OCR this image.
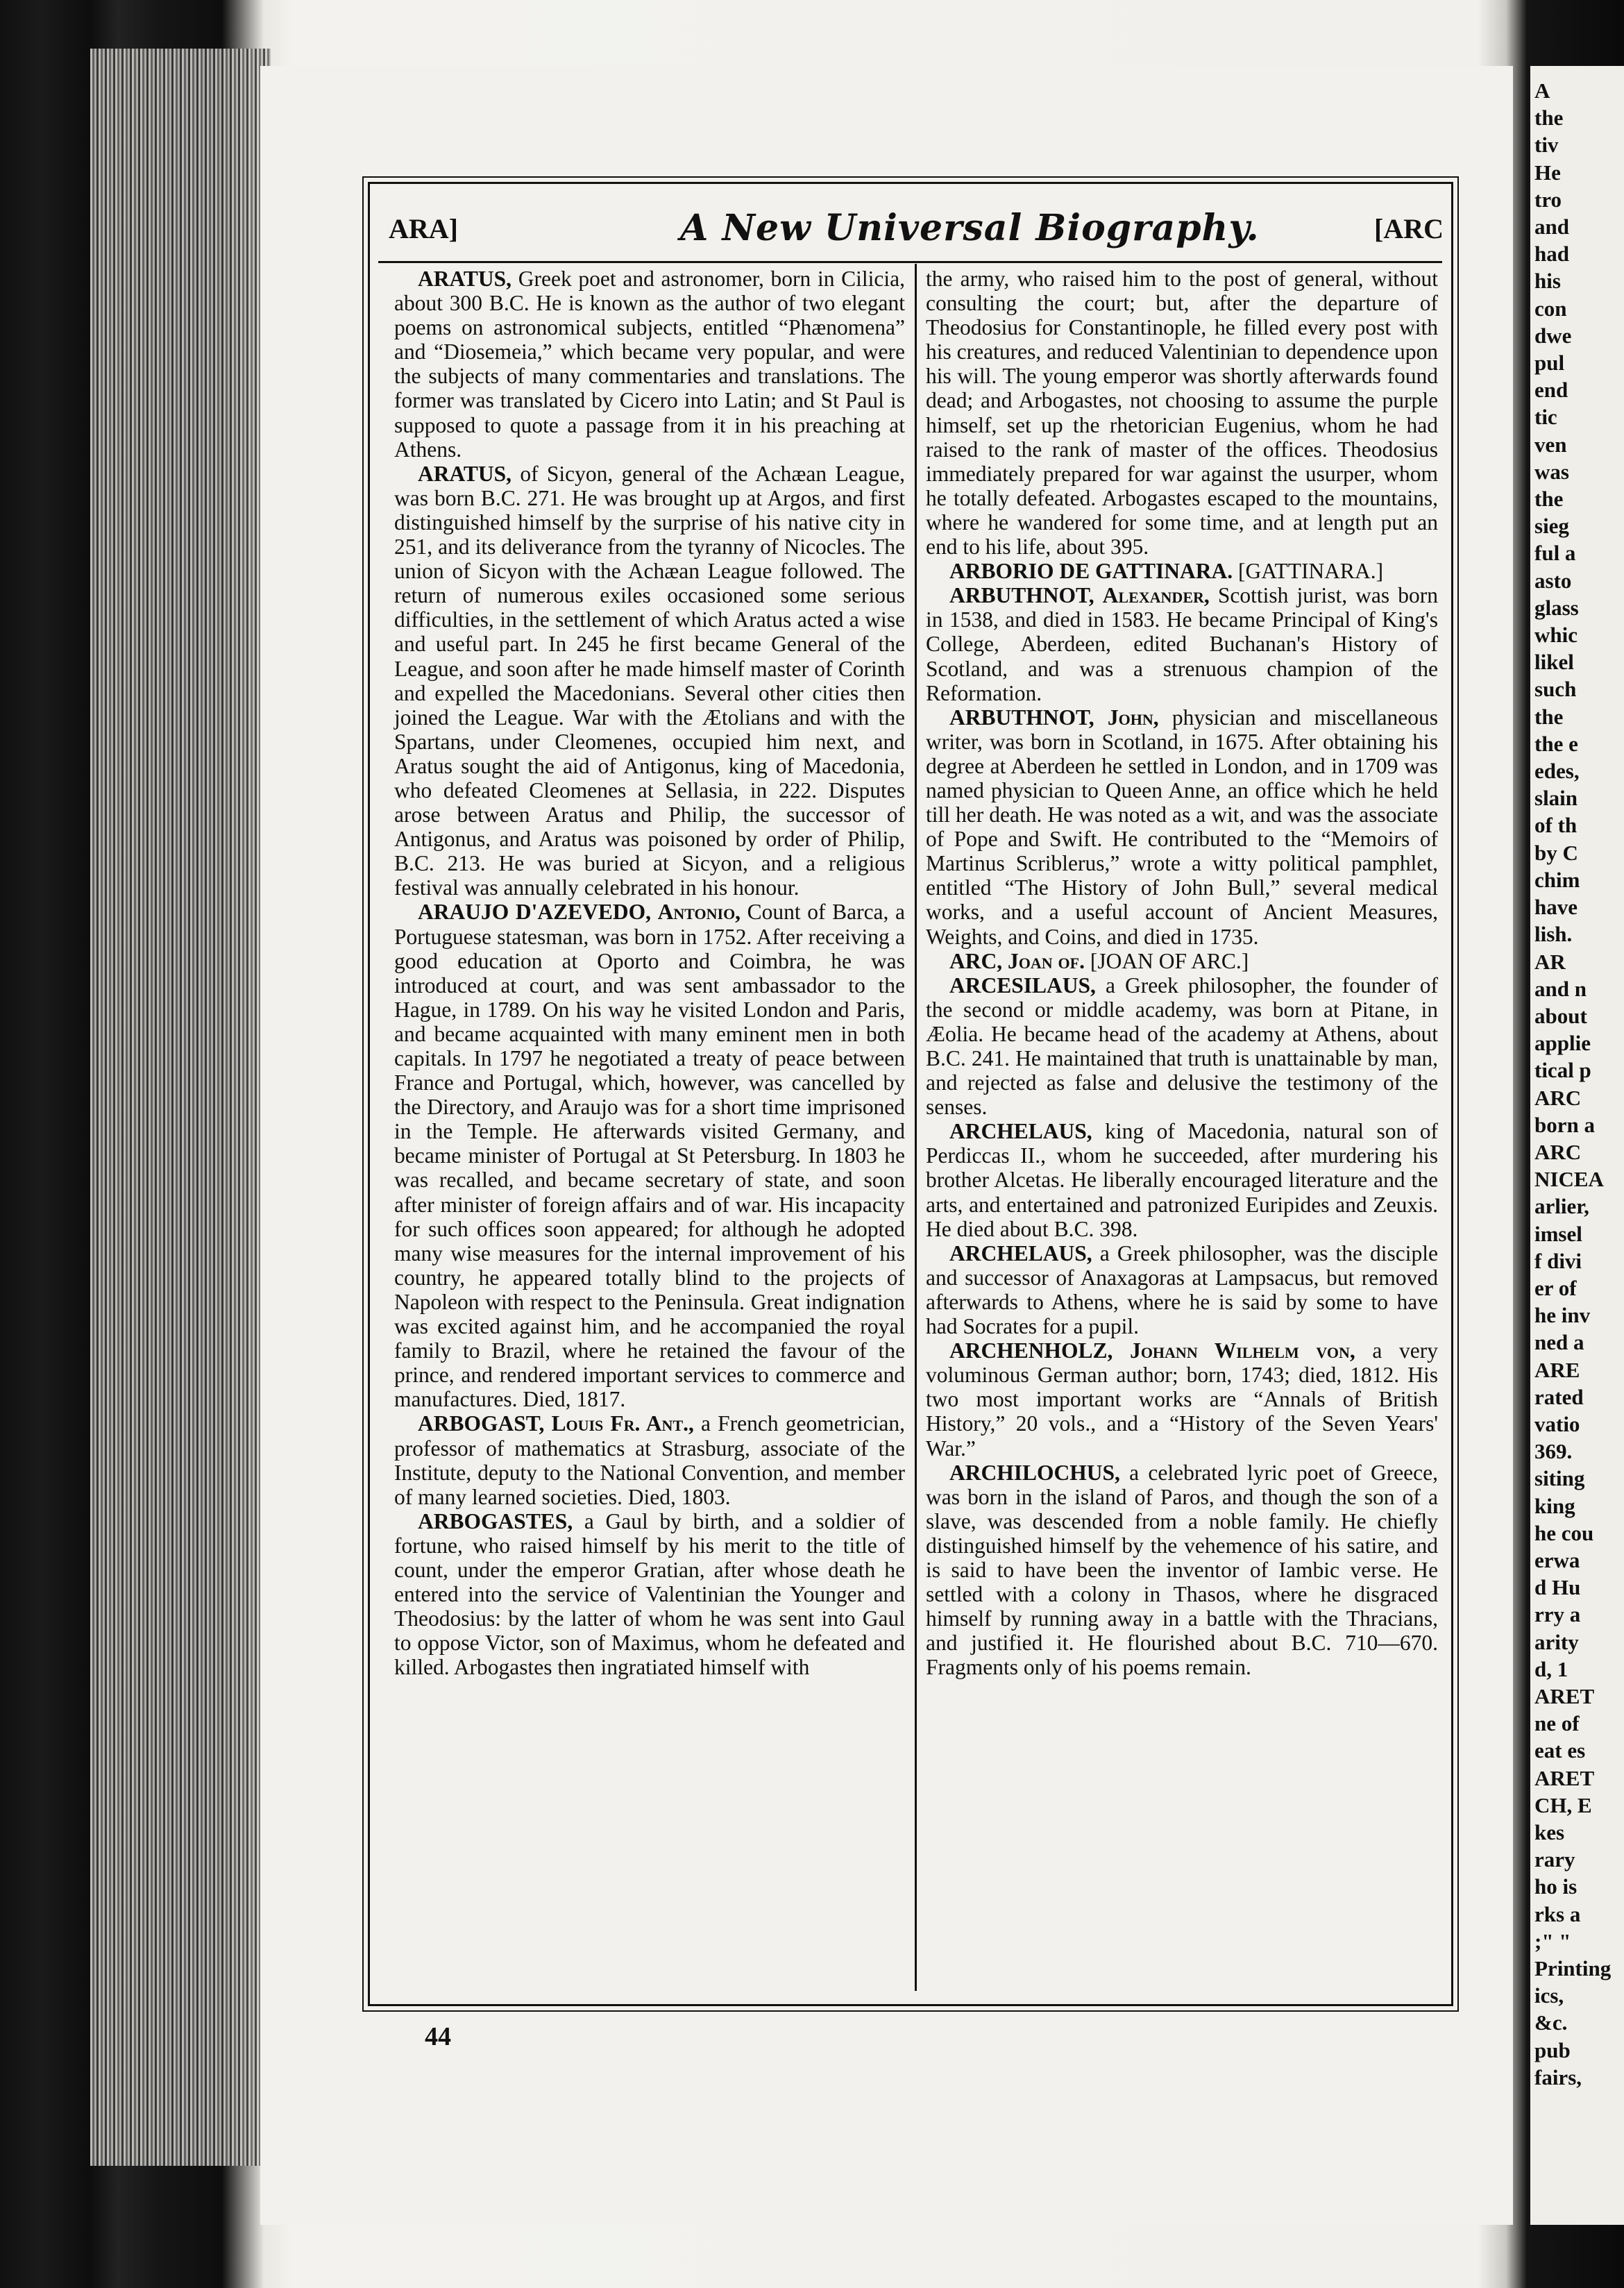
A
the
tiv
He
tro
and
had
his
con
dwe
pul
end
tic
ven
was
the
sieg
ful a
asto
glass
whic
likel
such
the
the e
edes,
slain
of th
by C
chim
have
lish.
AR
and n
about
applie
tical p
ARC
born a
ARC
NICEA
arlier,
imsel
f divi
er of
he inv
ned a
ARE
rated
vatio
369.
siting
king
he cou
erwa
d Hu
rry a
arity
d, 1
ARET
ne of
eat es
ARET
CH, E
kes
rary
ho is
rks a
;" "
Printing
ics,
&c.
pub
fairs,
ARA]	A New Universal Biography.	[ARC

ARATUS, Greek poet and astronomer, born in Cilicia, about 300 B.C. He is known as the author of two elegant poems on astronomical subjects, entitled “Phænomena” and “Diosemeia,” which became very popular, and were the subjects of many commentaries and translations. The former was translated by Cicero into Latin; and St Paul is supposed to quote a passage from it in his preaching at Athens.

ARATUS, of Sicyon, general of the Achæan League, was born B.C. 271. He was brought up at Argos, and first distinguished himself by the surprise of his native city in 251, and its deliverance from the tyranny of Nicocles. The union of Sicyon with the Achæan League followed. The return of numerous exiles occasioned some serious difficulties, in the settlement of which Aratus acted a wise and useful part. In 245 he first became General of the League, and soon after he made himself master of Corinth and expelled the Macedonians. Several other cities then joined the League. War with the Ætolians and with the Spartans, under Cleomenes, occupied him next, and Aratus sought the aid of Antigonus, king of Macedonia, who defeated Cleomenes at Sellasia, in 222. Disputes arose between Aratus and Philip, the successor of Antigonus, and Aratus was poisoned by order of Philip, B.C. 213. He was buried at Sicyon, and a religious festival was annually celebrated in his honour.

ARAUJO D'AZEVEDO, Antonio, Count of Barca, a Portuguese statesman, was born in 1752. After receiving a good education at Oporto and Coimbra, he was introduced at court, and was sent ambassador to the Hague, in 1789. On his way he visited London and Paris, and became acquainted with many eminent men in both capitals. In 1797 he negotiated a treaty of peace between France and Portugal, which, however, was cancelled by the Directory, and Araujo was for a short time imprisoned in the Temple. He afterwards visited Germany, and became minister of Portugal at St Petersburg. In 1803 he was recalled, and became secretary of state, and soon after minister of foreign affairs and of war. His incapacity for such offices soon appeared; for although he adopted many wise measures for the internal improvement of his country, he appeared totally blind to the projects of Napoleon with respect to the Peninsula. Great indignation was excited against him, and he accompanied the royal family to Brazil, where he retained the favour of the prince, and rendered important services to commerce and manufactures. Died, 1817.

ARBOGAST, Louis Fr. Ant., a French geometrician, professor of mathematics at Strasburg, associate of the Institute, deputy to the National Convention, and member of many learned societies. Died, 1803.

ARBOGASTES, a Gaul by birth, and a soldier of fortune, who raised himself by his merit to the title of count, under the emperor Gratian, after whose death he entered into the service of Valentinian the Younger and Theodosius: by the latter of whom he was sent into Gaul to oppose Victor, son of Maximus, whom he defeated and killed. Arbogastes then ingratiated himself with

the army, who raised him to the post of general, without consulting the court; but, after the departure of Theodosius for Constantinople, he filled every post with his creatures, and reduced Valentinian to dependence upon his will. The young emperor was shortly afterwards found dead; and Arbogastes, not choosing to assume the purple himself, set up the rhetorician Eugenius, whom he had raised to the rank of master of the offices. Theodosius immediately prepared for war against the usurper, whom he totally defeated. Arbogastes escaped to the mountains, where he wandered for some time, and at length put an end to his life, about 395.

ARBORIO DE GATTINARA. [GATTINARA.]

ARBUTHNOT, Alexander, Scottish jurist, was born in 1538, and died in 1583. He became Principal of King's College, Aberdeen, edited Buchanan's History of Scotland, and was a strenuous champion of the Reformation.

ARBUTHNOT, John, physician and miscellaneous writer, was born in Scotland, in 1675. After obtaining his degree at Aberdeen he settled in London, and in 1709 was named physician to Queen Anne, an office which he held till her death. He was noted as a wit, and was the associate of Pope and Swift. He contributed to the “Memoirs of Martinus Scriblerus,” wrote a witty political pamphlet, entitled “The History of John Bull,” several medical works, and a useful account of Ancient Measures, Weights, and Coins, and died in 1735.

ARC, Joan of. [JOAN OF ARC.]

ARCESILAUS, a Greek philosopher, the founder of the second or middle academy, was born at Pitane, in Æolia. He became head of the academy at Athens, about B.C. 241. He maintained that truth is unattainable by man, and rejected as false and delusive the testimony of the senses.

ARCHELAUS, king of Macedonia, natural son of Perdiccas II., whom he succeeded, after murdering his brother Alcetas. He liberally encouraged literature and the arts, and entertained and patronized Euripides and Zeuxis. He died about B.C. 398.

ARCHELAUS, a Greek philosopher, was the disciple and successor of Anaxagoras at Lampsacus, but removed afterwards to Athens, where he is said by some to have had Socrates for a pupil.

ARCHENHOLZ, Johann Wilhelm von, a very voluminous German author; born, 1743; died, 1812. His two most important works are “Annals of British History,” 20 vols., and a “History of the Seven Years' War.”

ARCHILOCHUS, a celebrated lyric poet of Greece, was born in the island of Paros, and though the son of a slave, was descended from a noble family. He chiefly distinguished himself by the vehemence of his satire, and is said to have been the inventor of Iambic verse. He settled with a colony in Thasos, where he disgraced himself by running away in a battle with the Thracians, and justified it. He flourished about B.C. 710—670. Fragments only of his poems remain.

44
